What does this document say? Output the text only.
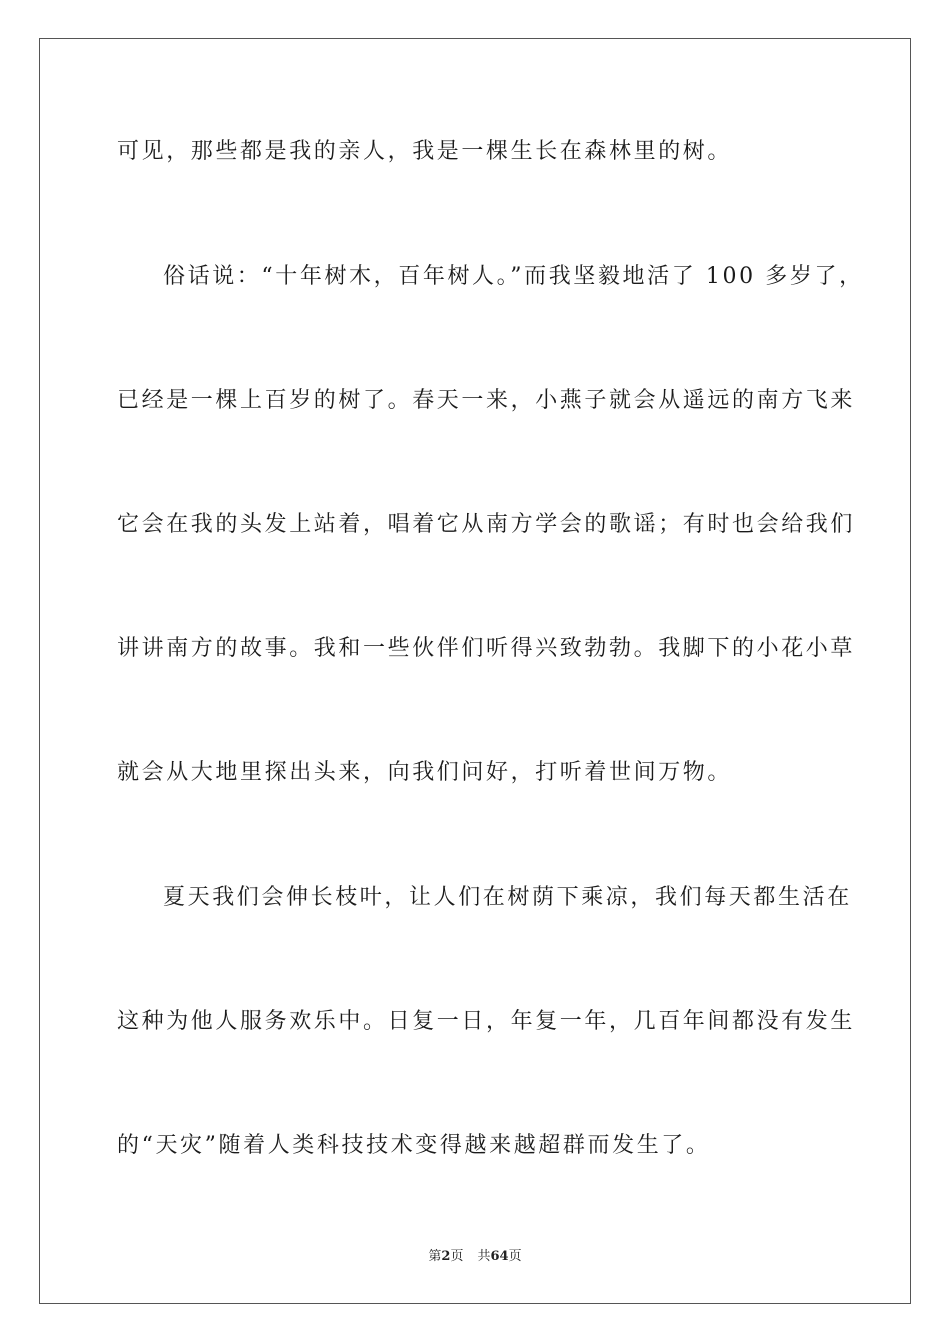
可见，那些都是我的亲人，我是一棵生长在森林里的树。
俗话说：“十年树木，百年树人。”而我坚毅地活了 100 多岁了，
已经是一棵上百岁的树了。春天一来，小燕子就会从遥远的南方飞来
它会在我的头发上站着，唱着它从南方学会的歌谣；有时也会给我们
讲讲南方的故事。我和一些伙伴们听得兴致勃勃。我脚下的小花小草
就会从大地里探出头来，向我们问好，打听着世间万物。
夏天我们会伸长枝叶，让人们在树荫下乘凉，我们每天都生活在
这种为他人服务欢乐中。日复一日，年复一年，几百年间都没有发生
的“天灾”随着人类科技技术变得越来越超群而发生了。
第2页 共64页
